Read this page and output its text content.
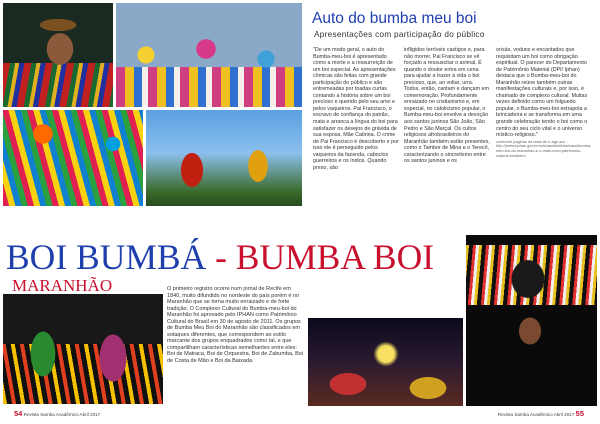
Auto do bumba meu boi
Apresentações com participação do público
"De um modo geral, o auto do Bumba-meu-boi é apresentado como a morte e a ressurreição de um boi especial. As apresentações cômicas são feitas com grande participação do público e são entremeadas por toadas curtas contando a história sobre um boi precioso e querido pelo seu amo e pelos vaqueiros. Pai Francisco, o escravo de confiança do patrão, mata e arranca a língua do boi para satisfazer os desejos de grávida de sua esposa, Mãe Catirina. O crime de Pai Francisco é descoberto e por isso ele é perseguido pelos vaqueiros da fazenda, caboclos guerreiros e os índios. Quando preso, são
infligidos terríveis castigos e, para não morrer, Pai Francisco se vê forçado a ressuscitar o animal. É quando o doutor entra em cena para ajudar a trazer à vida o boi precioso, que, ao voltar, urra. Todos, então, cantam e dançam em comemoração. Profundamente enraizado no cristianismo e, em especial, no catolicismo popular, o Bumba-meu-boi envolve a devoção aos santos juninos São João, São Pedro e São Marçal. Os cultos religiosos afrobrasileiros do Maranhão também estão presentes, como o Tambor de Mina e o Terecô, caracterizando o sincretismo entre os santos juninos e os
orixás, voduns e encantados que requisitam um boi como obrigação espiritual. O parecer do Departamento de Patrimônio Material (DPI/ Iphan) destaca que o Bumba-meu-boi do Maranhão reúne também outras manifestações culturais e, por isso, é chamado de complexo cultural. Muitas vezes definido como um folguedo popular, o Bumba-meu-boi extrapola a brincadeira e se transforma em uma grande celebração tendo o boi como o centro do seu ciclo vital e o universo místico-religioso."
conforme páginas da www.de n-age.acc - http://portal.iphan.gov.br/noticias/detalhes/caso/bumba-meu-boi-do-maranhao-e-o-mais-novo-patrimonio-cultural-brasileiro
BOI BUMBÁ - BUMBA BOI
MARANHÃO	O primeiro registro ocorre num jornal de Recife em 1840, muito difundido no nordeste do país porém é no Maranhão que se torna muito enraizado e de forte tradição. O Complexo Cultural do Bumba-meu-boi do Maranhão foi aprovado pelo IPHAN como Patrimônio Cultural do Brasil em 30 de agosto de 2011. Os grupos de Bumba Meu Boi do Maranhão são classificados em sotaques diferentes, que correspondem ao estilo marcante dos grupos enquadrados como tal, e que compartilham características semelhantes entre eles: Boi de Matraca, Boi de Orquestra, Boi de Zabumba, Boi de Costa de Mão e Boi da Baixada.
54 Revista Samba Acadêmico Abril 2017	Revista Samba Acadêmico Abril 2017 55
